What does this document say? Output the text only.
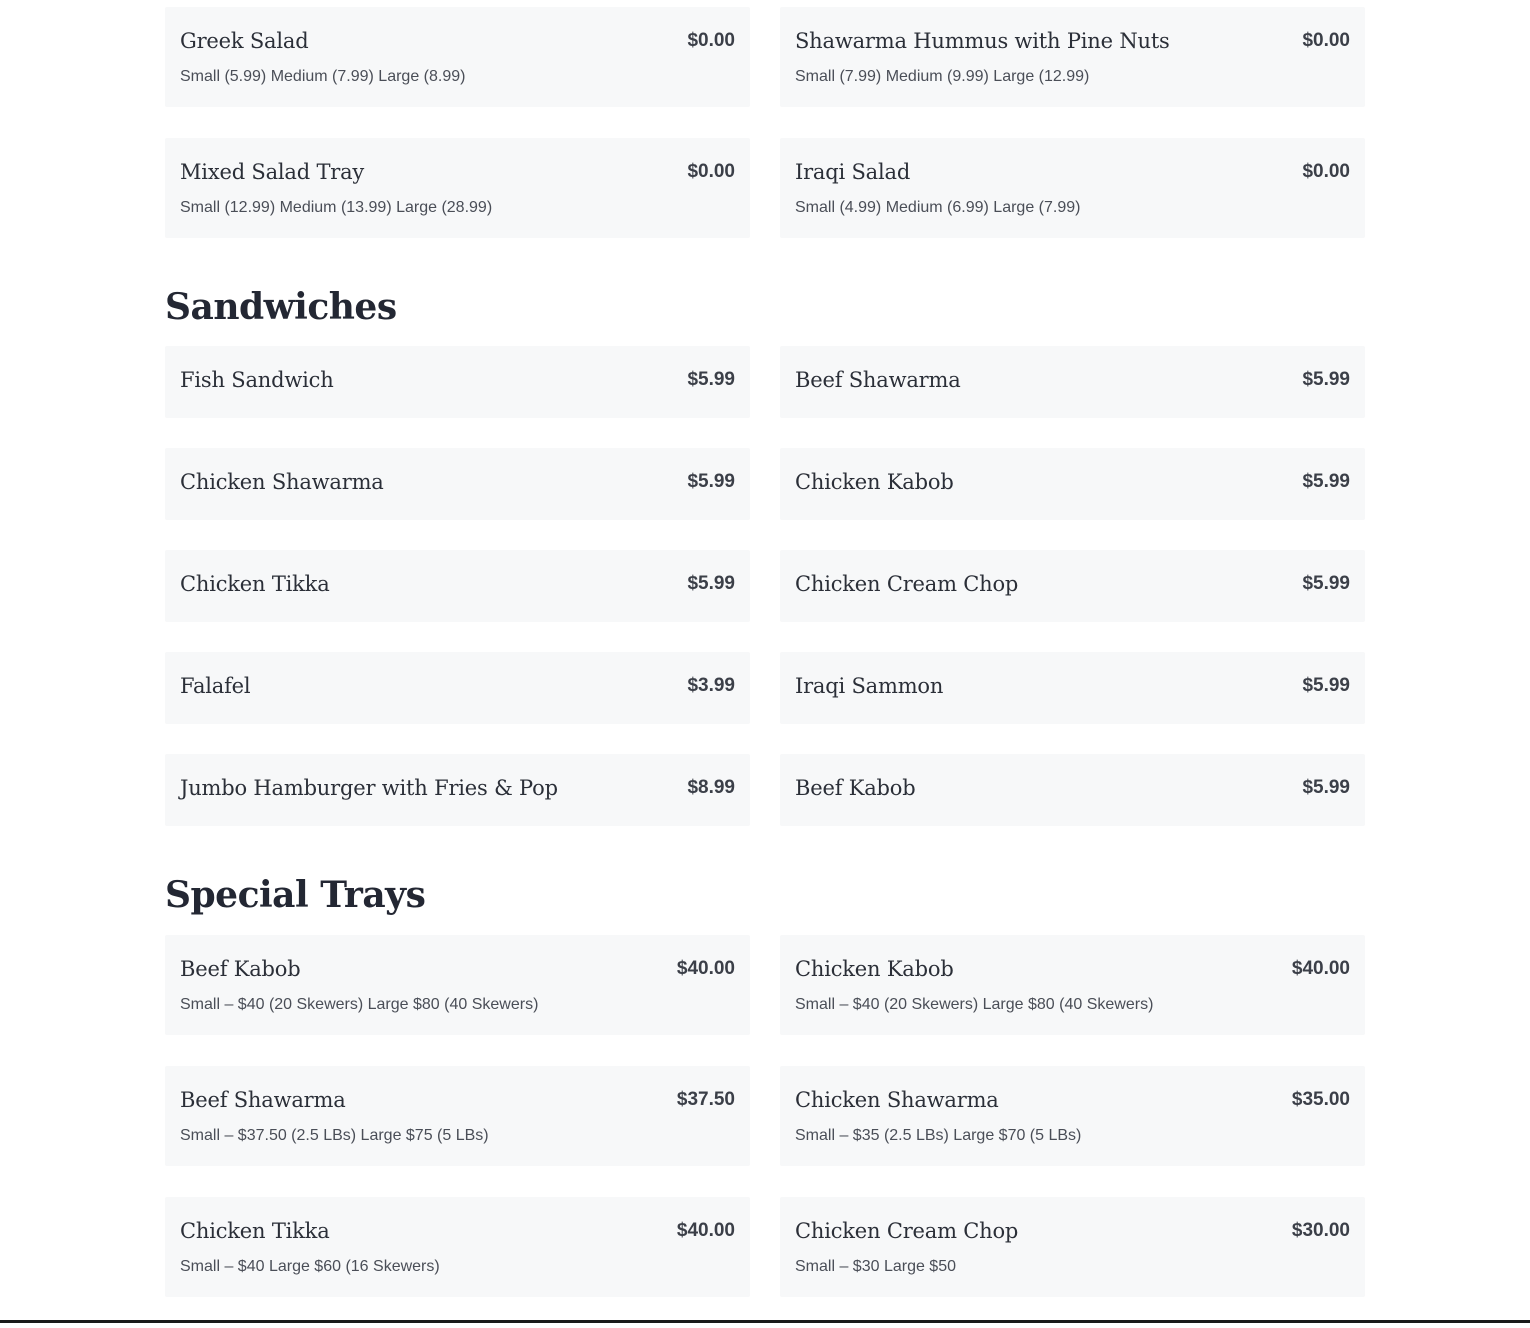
Greek Salad	$0.00
Small (5.99) Medium (7.99) Large (8.99)
Shawarma Hummus with Pine Nuts	$0.00
Small (7.99) Medium (9.99) Large (12.99)
Mixed Salad Tray	$0.00
Small (12.99) Medium (13.99) Large (28.99)
Iraqi Salad	$0.00
Small (4.99) Medium (6.99) Large (7.99)
Sandwiches
Fish Sandwich	$5.99	Beef Shawarma	$5.99
Chicken Shawarma	$5.99	Chicken Kabob	$5.99
Chicken Tikka	$5.99	Chicken Cream Chop	$5.99
Falafel	$3.99	Iraqi Sammon	$5.99
Jumbo Hamburger with Fries & Pop	$8.99	Beef Kabob	$5.99
Special Trays
Beef Kabob	$40.00
Small – $40 (20 Skewers) Large $80 (40 Skewers)
Chicken Kabob	$40.00
Small – $40 (20 Skewers) Large $80 (40 Skewers)
Beef Shawarma	$37.50
Small – $37.50 (2.5 LBs) Large $75 (5 LBs)
Chicken Shawarma	$35.00
Small – $35 (2.5 LBs) Large $70 (5 LBs)
Chicken Tikka	$40.00
Small – $40 Large $60 (16 Skewers)
Chicken Cream Chop	$30.00
Small – $30 Large $50
